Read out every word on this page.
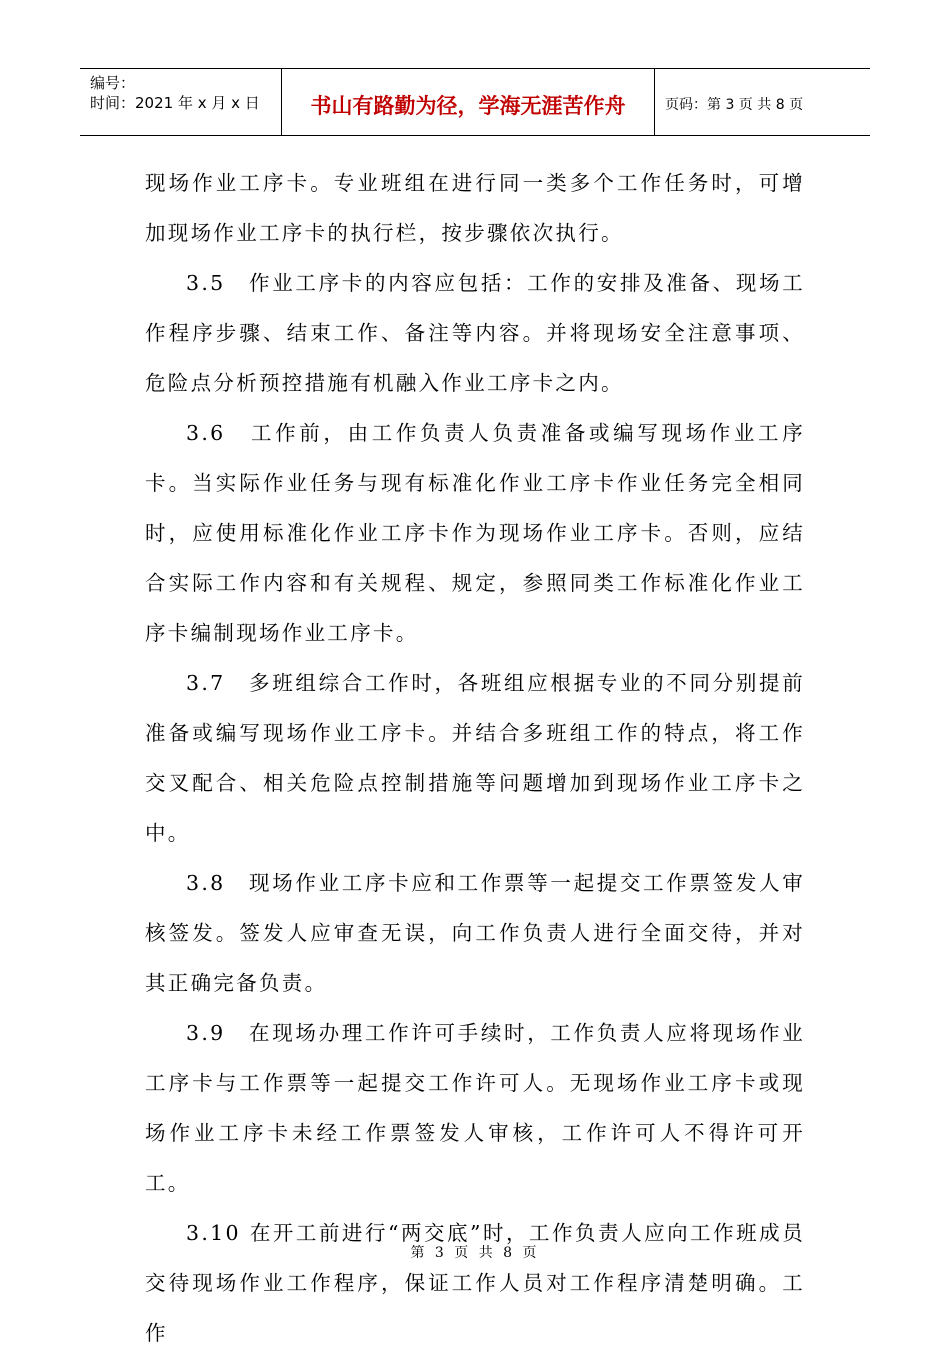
编号：
时间：2021 年 x 月 x 日	书山有路勤为径，学海无涯苦作舟	页码：第 3 页 共 8 页

现场作业工序卡。专业班组在进行同一类多个工作任务时，可增加现场作业工序卡的执行栏，按步骤依次执行。

3.5　作业工序卡的内容应包括：工作的安排及准备、现场工作程序步骤、结束工作、备注等内容。并将现场安全注意事项、危险点分析预控措施有机融入作业工序卡之内。

3.6　工作前，由工作负责人负责准备或编写现场作业工序卡。当实际作业任务与现有标准化作业工序卡作业任务完全相同时，应使用标准化作业工序卡作为现场作业工序卡。否则，应结合实际工作内容和有关规程、规定，参照同类工作标准化作业工序卡编制现场作业工序卡。

3.7　多班组综合工作时，各班组应根据专业的不同分别提前准备或编写现场作业工序卡。并结合多班组工作的特点，将工作交叉配合、相关危险点控制措施等问题增加到现场作业工序卡之中。

3.8　现场作业工序卡应和工作票等一起提交工作票签发人审核签发。签发人应审查无误，向工作负责人进行全面交待，并对其正确完备负责。

3.9　在现场办理工作许可手续时，工作负责人应将现场作业工序卡与工作票等一起提交工作许可人。无现场作业工序卡或现场作业工序卡未经工作票签发人审核，工作许可人不得许可开工。

3.10 在开工前进行“两交底”时，工作负责人应向工作班成员交待现场作业工作程序，保证工作人员对工作程序清楚明确。工作

第 3 页 共 8 页
